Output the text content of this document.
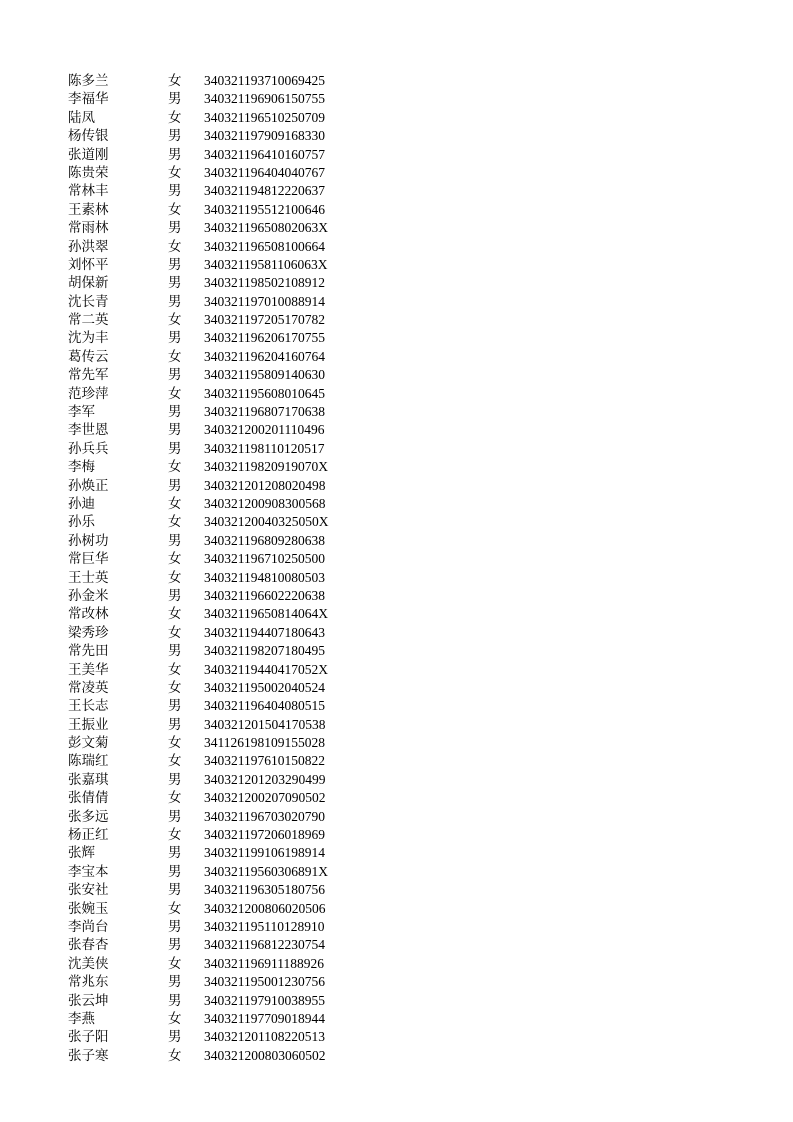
陈多兰	女	340321193710069425
李福华	男	340321196906150755
陆凤	女	340321196510250709
杨传银	男	340321197909168330
张道刚	男	340321196410160757
陈贵荣	女	340321196404040767
常林丰	男	340321194812220637
王素林	女	340321195512100646
常雨林	男	34032119650802063X
孙洪翠	女	340321196508100664
刘怀平	男	34032119581106063X
胡保新	男	340321198502108912
沈长青	男	340321197010088914
常二英	女	340321197205170782
沈为丰	男	340321196206170755
葛传云	女	340321196204160764
常先军	男	340321195809140630
范珍萍	女	340321195608010645
李军	男	340321196807170638
李世恩	男	340321200201110496
孙兵兵	男	340321198110120517
李梅	女	34032119820919070X
孙焕正	男	340321201208020498
孙迪	女	340321200908300568
孙乐	女	34032120040325050X
孙树功	男	340321196809280638
常巨华	女	340321196710250500
王士英	女	340321194810080503
孙金米	男	340321196602220638
常改林	女	34032119650814064X
梁秀珍	女	340321194407180643
常先田	男	340321198207180495
王美华	女	34032119440417052X
常凌英	女	340321195002040524
王长志	男	340321196404080515
王振业	男	340321201504170538
彭文菊	女	341126198109155028
陈瑞红	女	340321197610150822
张嘉琪	男	340321201203290499
张倩倩	女	340321200207090502
张多远	男	340321196703020790
杨正红	女	340321197206018969
张辉	男	340321199106198914
李宝本	男	34032119560306891X
张安社	男	340321196305180756
张婉玉	女	340321200806020506
李尚台	男	340321195110128910
张春杏	男	340321196812230754
沈美侠	女	340321196911188926
常兆东	男	340321195001230756
张云坤	男	340321197910038955
李燕	女	340321197709018944
张子阳	男	340321201108220513
张子寒	女	340321200803060502
